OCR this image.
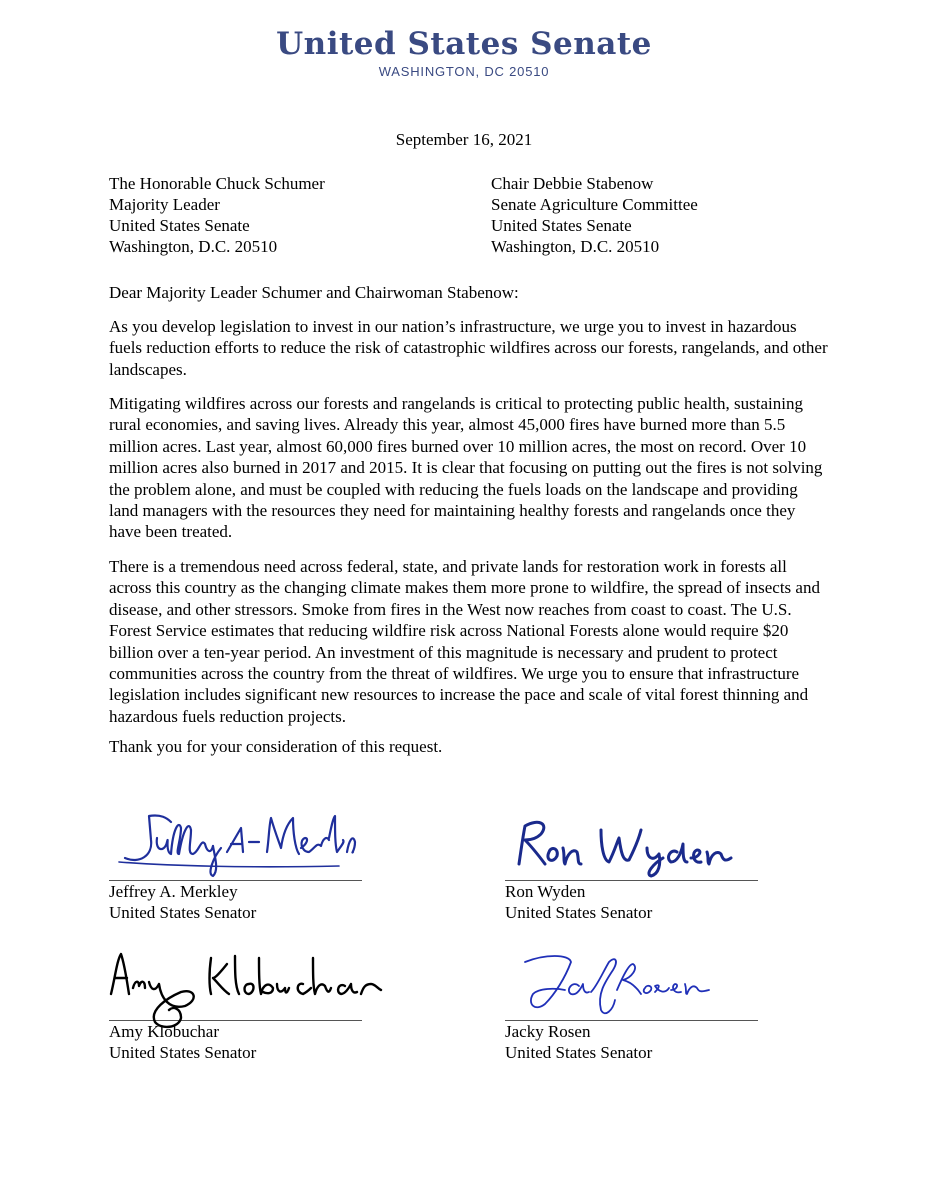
United States Senate
WASHINGTON, DC 20510
September 16, 2021
The Honorable Chuck Schumer
Majority Leader
United States Senate
Washington, D.C. 20510
Chair Debbie Stabenow
Senate Agriculture Committee
United States Senate
Washington, D.C. 20510
Dear Majority Leader Schumer and Chairwoman Stabenow:

As you develop legislation to invest in our nation’s infrastructure, we urge you to invest in hazardous fuels reduction efforts to reduce the risk of catastrophic wildfires across our forests, rangelands, and other landscapes.

Mitigating wildfires across our forests and rangelands is critical to protecting public health, sustaining rural economies, and saving lives. Already this year, almost 45,000 fires have burned more than 5.5 million acres. Last year, almost 60,000 fires burned over 10 million acres, the most on record. Over 10 million acres also burned in 2017 and 2015. It is clear that focusing on putting out the fires is not solving the problem alone, and must be coupled with reducing the fuels loads on the landscape and providing land managers with the resources they need for maintaining healthy forests and rangelands once they have been treated.

There is a tremendous need across federal, state, and private lands for restoration work in forests all across this country as the changing climate makes them more prone to wildfire, the spread of insects and disease, and other stressors. Smoke from fires in the West now reaches from coast to coast. The U.S. Forest Service estimates that reducing wildfire risk across National Forests alone would require $20 billion over a ten-year period. An investment of this magnitude is necessary and prudent to protect communities across the country from the threat of wildfires. We urge you to ensure that infrastructure legislation includes significant new resources to increase the pace and scale of vital forest thinning and hazardous fuels reduction projects.

Thank you for your consideration of this request.
Jeffrey A. Merkley
United States Senator
Ron Wyden
United States Senator
Amy Klobuchar
United States Senator
Jacky Rosen
United States Senator
